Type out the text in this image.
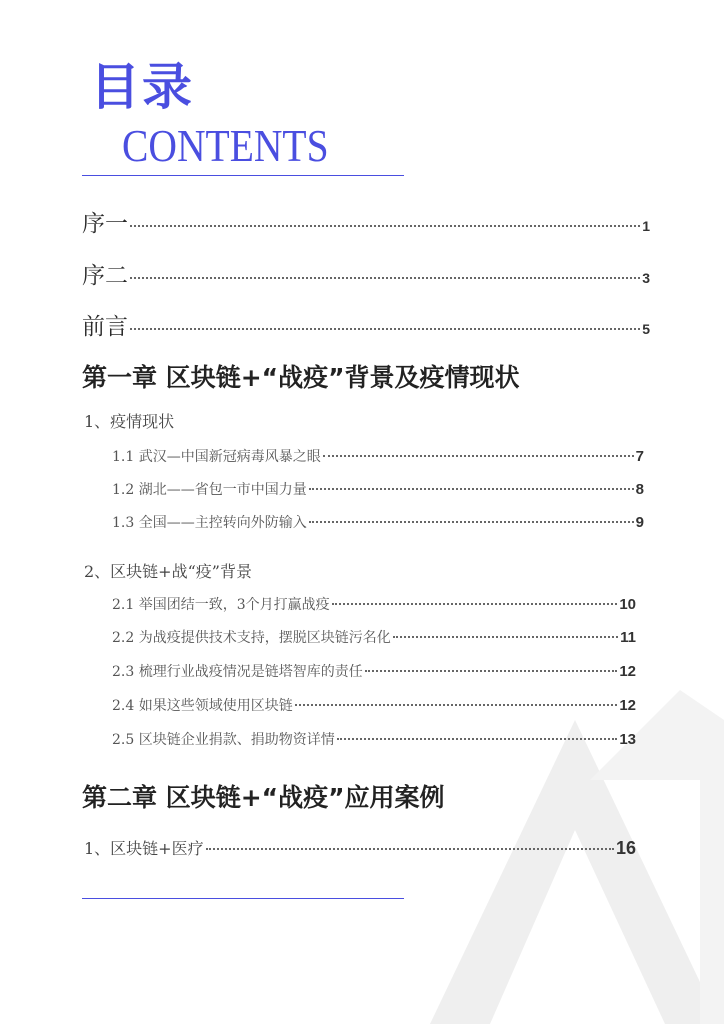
目录
CONTENTS
序一	1
序二	3
前言	5
第一章 区块链+“战疫”背景及疫情现状
1、疫情现状
1.1 武汉—中国新冠病毒风暴之眼	7
1.2 湖北——省包一市中国力量	8
1.3 全国——主控转向外防输入	9
2、区块链+战“疫”背景
2.1 举国团结一致，3个月打赢战疫	10
2.2 为战疫提供技术支持，摆脱区块链污名化	11
2.3 梳理行业战疫情况是链塔智库的责任	12
2.4 如果这些领域使用区块链	12
2.5 区块链企业捐款、捐助物资详情	13
第二章 区块链+“战疫”应用案例
1、区块链+医疗	16
